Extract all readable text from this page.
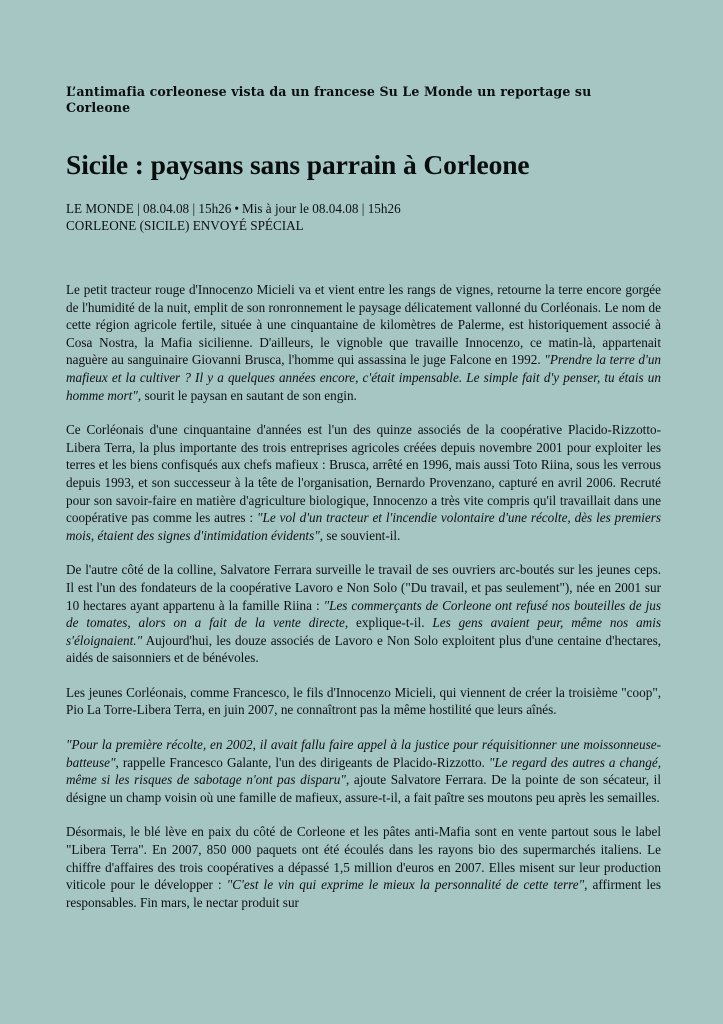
L’antimafia corleonese vista da un francese Su Le Monde un reportage su Corleone
Sicile : paysans sans parrain à Corleone
LE MONDE | 08.04.08 | 15h26 • Mis à jour le 08.04.08 | 15h26
CORLEONE (SICILE) ENVOYÉ SPÉCIAL

Le petit tracteur rouge d'Innocenzo Micieli va et vient entre les rangs de vignes, retourne la terre encore gorgée de l'humidité de la nuit, emplit de son ronronnement le paysage délicatement vallonné du Corléonais. Le nom de cette région agricole fertile, située à une cinquantaine de kilomètres de Palerme, est historiquement associé à Cosa Nostra, la Mafia sicilienne. D'ailleurs, le vignoble que travaille Innocenzo, ce matin-là, appartenait naguère au sanguinaire Giovanni Brusca, l'homme qui assassina le juge Falcone en 1992. "Prendre la terre d'un mafieux et la cultiver ? Il y a quelques années encore, c'était impensable. Le simple fait d'y penser, tu étais un homme mort", sourit le paysan en sautant de son engin.

Ce Corléonais d'une cinquantaine d'années est l'un des quinze associés de la coopérative Placido-Rizzotto-Libera Terra, la plus importante des trois entreprises agricoles créées depuis novembre 2001 pour exploiter les terres et les biens confisqués aux chefs mafieux : Brusca, arrêté en 1996, mais aussi Toto Riina, sous les verrous depuis 1993, et son successeur à la tête de l'organisation, Bernardo Provenzano, capturé en avril 2006. Recruté pour son savoir-faire en matière d'agriculture biologique, Innocenzo a très vite compris qu'il travaillait dans une coopérative pas comme les autres : "Le vol d'un tracteur et l'incendie volontaire d'une récolte, dès les premiers mois, étaient des signes d'intimidation évidents", se souvient-il.

De l'autre côté de la colline, Salvatore Ferrara surveille le travail de ses ouvriers arc-boutés sur les jeunes ceps. Il est l'un des fondateurs de la coopérative Lavoro e Non Solo ("Du travail, et pas seulement"), née en 2001 sur 10 hectares ayant appartenu à la famille Riina : "Les commerçants de Corleone ont refusé nos bouteilles de jus de tomates, alors on a fait de la vente directe, explique-t-il. Les gens avaient peur, même nos amis s'éloignaient." Aujourd'hui, les douze associés de Lavoro e Non Solo exploitent plus d'une centaine d'hectares, aidés de saisonniers et de bénévoles.

Les jeunes Corléonais, comme Francesco, le fils d'Innocenzo Micieli, qui viennent de créer la troisième "coop", Pio La Torre-Libera Terra, en juin 2007, ne connaîtront pas la même hostilité que leurs aînés.

"Pour la première récolte, en 2002, il avait fallu faire appel à la justice pour réquisitionner une moissonneuse-batteuse", rappelle Francesco Galante, l'un des dirigeants de Placido-Rizzotto. "Le regard des autres a changé, même si les risques de sabotage n'ont pas disparu", ajoute Salvatore Ferrara. De la pointe de son sécateur, il désigne un champ voisin où une famille de mafieux, assure-t-il, a fait paître ses moutons peu après les semailles.

Désormais, le blé lève en paix du côté de Corleone et les pâtes anti-Mafia sont en vente partout sous le label "Libera Terra". En 2007, 850 000 paquets ont été écoulés dans les rayons bio des supermarchés italiens. Le chiffre d'affaires des trois coopératives a dépassé 1,5 million d'euros en 2007. Elles misent sur leur production viticole pour le développer : "C'est le vin qui exprime le mieux la personnalité de cette terre", affirment les responsables. Fin mars, le nectar produit sur
